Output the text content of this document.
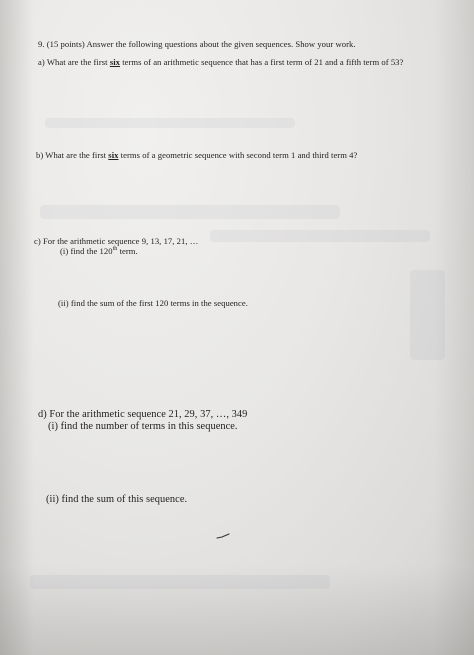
9. (15 points) Answer the following questions about the given sequences. Show your work.
a) What are the first six terms of an arithmetic sequence that has a first term of 21 and a fifth term of 53?
b) What are the first six terms of a geometric sequence with second term 1 and third term 4?
c) For the arithmetic sequence 9, 13, 17, 21, …
(i) find the 120th term.
(ii) find the sum of the first 120 terms in the sequence.
d) For the arithmetic sequence 21, 29, 37, …, 349
(i) find the number of terms in this sequence.
(ii) find the sum of this sequence.
